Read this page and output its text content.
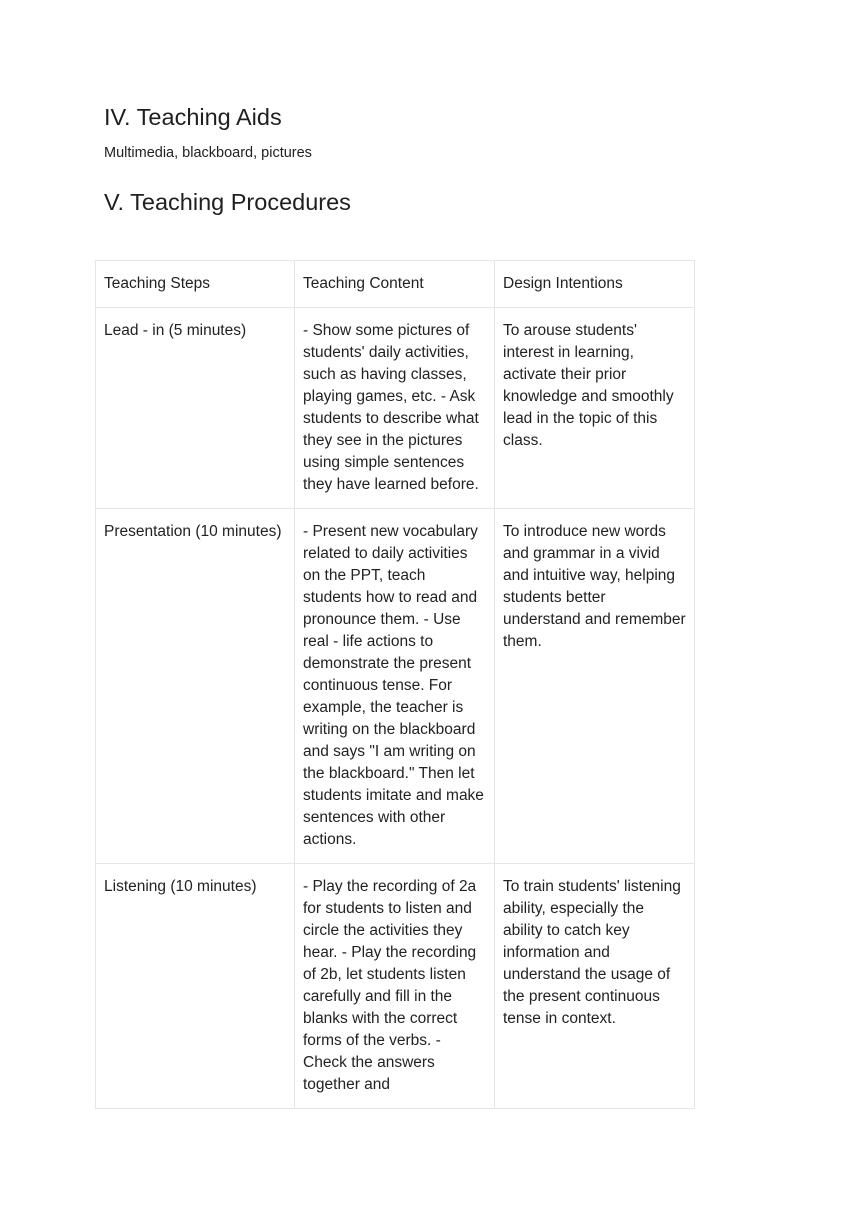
IV. Teaching Aids

Multimedia, blackboard, pictures

V. Teaching Procedures
Teaching Steps	Teaching Content	Design Intentions
Lead - in (5 minutes)	- Show some pictures of students' daily activities, such as having classes, playing games, etc. - Ask students to describe what they see in the pictures using simple sentences they have learned before.	To arouse students' interest in learning, activate their prior knowledge and smoothly lead in the topic of this class.
Presentation (10 minutes)	- Present new vocabulary related to daily activities on the PPT, teach students how to read and pronounce them. - Use real - life actions to demonstrate the present continuous tense. For example, the teacher is writing on the blackboard and says "I am writing on the blackboard." Then let students imitate and make sentences with other actions.	To introduce new words and grammar in a vivid and intuitive way, helping students better understand and remember them.
Listening (10 minutes)	- Play the recording of 2a for students to listen and circle the activities they hear. - Play the recording of 2b, let students listen carefully and fill in the blanks with the correct forms of the verbs. - Check the answers together and	To train students' listening ability, especially the ability to catch key information and understand the usage of the present continuous tense in context.
